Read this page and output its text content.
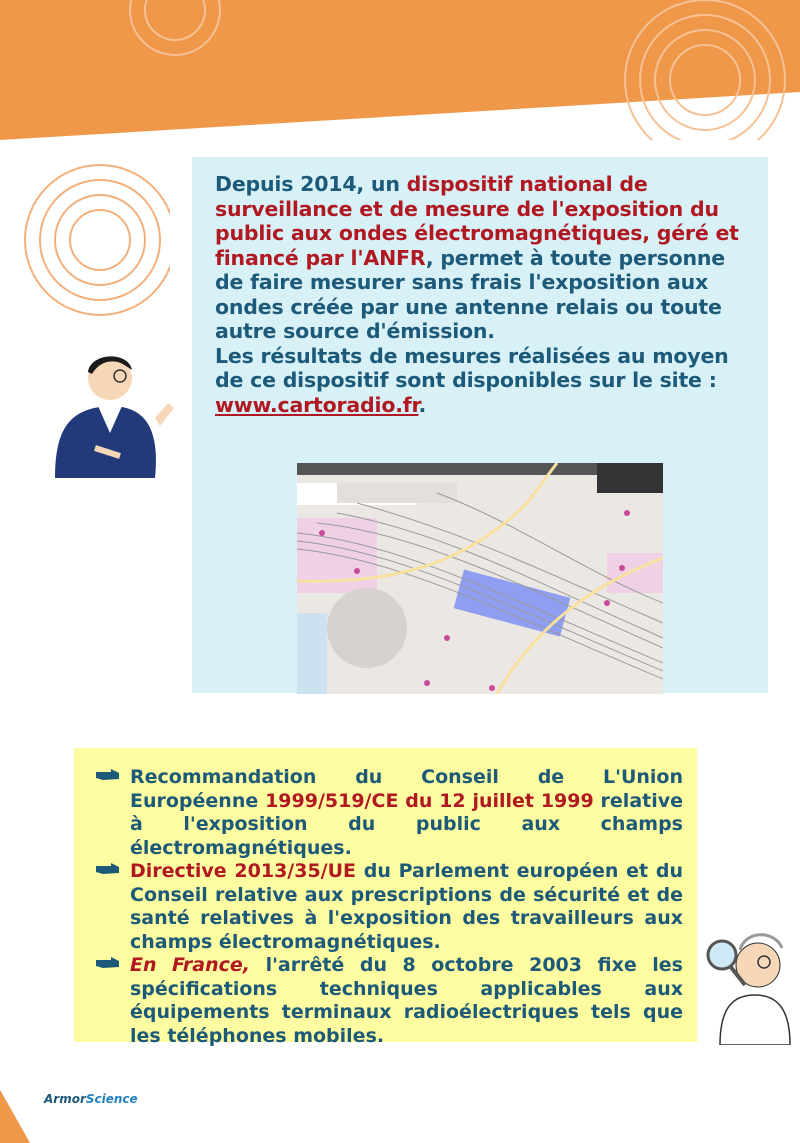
Depuis 2014, un dispositif national de surveillance et de mesure de l'exposition du public aux ondes électromagnétiques, géré et financé par l'ANFR, permet à toute personne de faire mesurer sans frais l'exposition aux ondes créée par une antenne relais ou toute autre source d'émission.
Les résultats de mesures réalisées au moyen de ce dispositif sont disponibles sur le site :
www.cartoradio.fr.
Recommandation du Conseil de L'Union Européenne 1999/519/CE du 12 juillet 1999 relative à l'exposition du public aux champs électromagnétiques.
Directive 2013/35/UE du Parlement européen et du Conseil relative aux prescriptions de sécurité et de santé relatives à l'exposition des travailleurs aux champs électromagnétiques.
En France, l'arrêté du 8 octobre 2003 fixe les spécifications techniques applicables aux équipements terminaux radioélectriques tels que les téléphones mobiles.
ArmorScience
